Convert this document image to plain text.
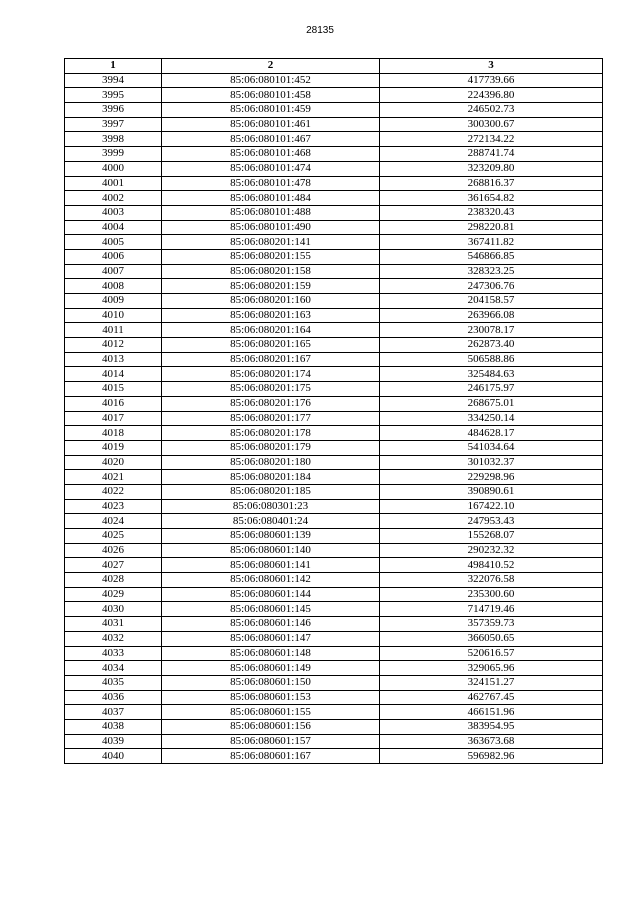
28135
1	2	3
3994	85:06:080101:452	417739.66
3995	85:06:080101:458	224396.80
3996	85:06:080101:459	246502.73
3997	85:06:080101:461	300300.67
3998	85:06:080101:467	272134.22
3999	85:06:080101:468	288741.74
4000	85:06:080101:474	323209.80
4001	85:06:080101:478	268816.37
4002	85:06:080101:484	361654.82
4003	85:06:080101:488	238320.43
4004	85:06:080101:490	298220.81
4005	85:06:080201:141	367411.82
4006	85:06:080201:155	546866.85
4007	85:06:080201:158	328323.25
4008	85:06:080201:159	247306.76
4009	85:06:080201:160	204158.57
4010	85:06:080201:163	263966.08
4011	85:06:080201:164	230078.17
4012	85:06:080201:165	262873.40
4013	85:06:080201:167	506588.86
4014	85:06:080201:174	325484.63
4015	85:06:080201:175	246175.97
4016	85:06:080201:176	268675.01
4017	85:06:080201:177	334250.14
4018	85:06:080201:178	484628.17
4019	85:06:080201:179	541034.64
4020	85:06:080201:180	301032.37
4021	85:06:080201:184	229298.96
4022	85:06:080201:185	390890.61
4023	85:06:080301:23	167422.10
4024	85:06:080401:24	247953.43
4025	85:06:080601:139	155268.07
4026	85:06:080601:140	290232.32
4027	85:06:080601:141	498410.52
4028	85:06:080601:142	322076.58
4029	85:06:080601:144	235300.60
4030	85:06:080601:145	714719.46
4031	85:06:080601:146	357359.73
4032	85:06:080601:147	366050.65
4033	85:06:080601:148	520616.57
4034	85:06:080601:149	329065.96
4035	85:06:080601:150	324151.27
4036	85:06:080601:153	462767.45
4037	85:06:080601:155	466151.96
4038	85:06:080601:156	383954.95
4039	85:06:080601:157	363673.68
4040	85:06:080601:167	596982.96
